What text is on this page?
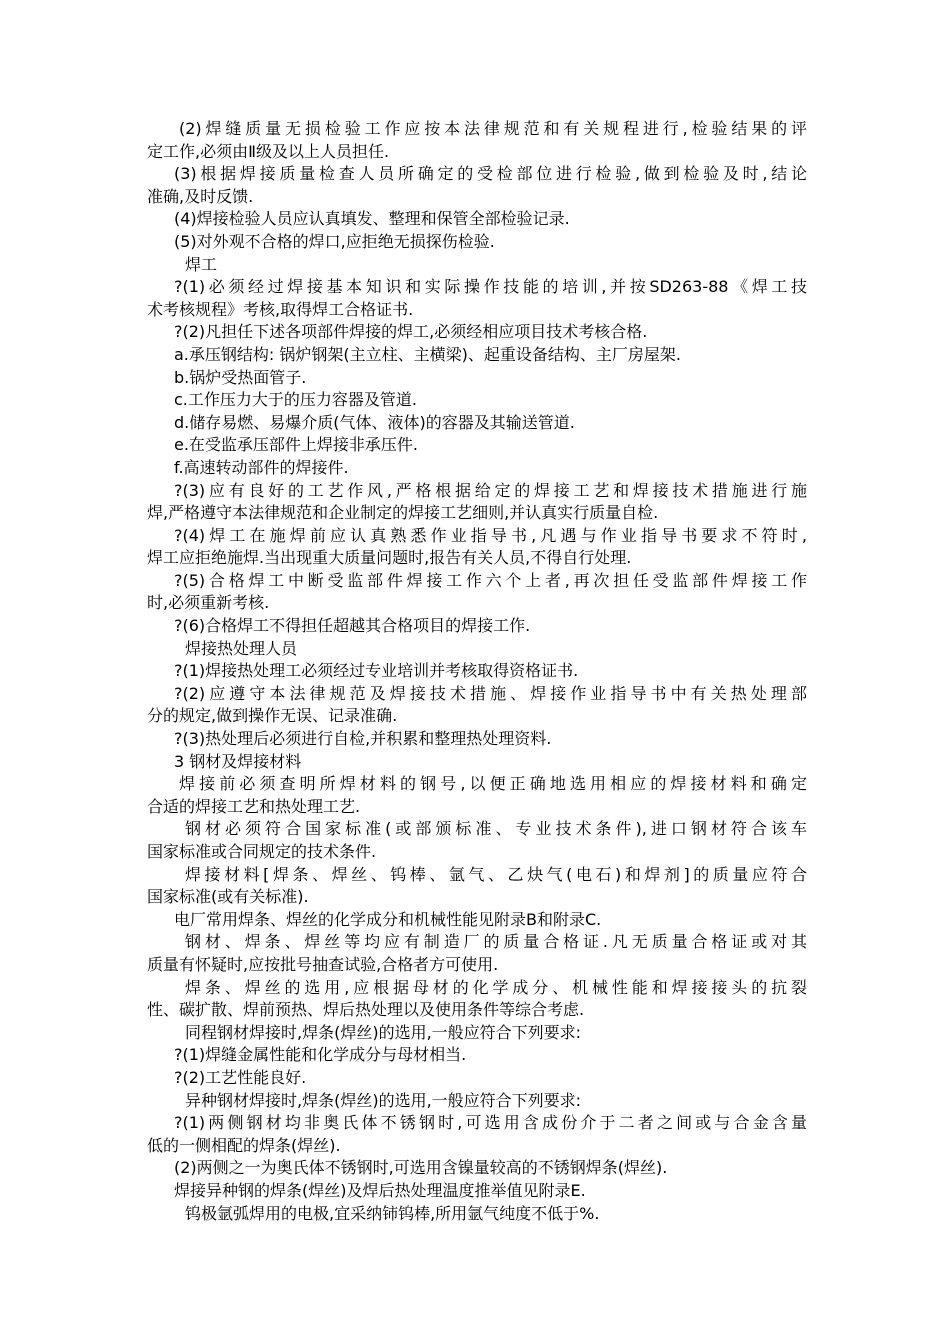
(2)焊缝质量无损检验工作应按本法律规范和有关规程进行,检验结果的评
定工作,必须由Ⅱ级及以上人员担任.
(3)根据焊接质量检查人员所确定的受检部位进行检验,做到检验及时,结论
准确,及时反馈.
(4)焊接检验人员应认真填发、整理和保管全部检验记录.
(5)对外观不合格的焊口,应拒绝无损探伤检验.
焊工
?(1)必须经过焊接基本知识和实际操作技能的培训,并按SD263-88《焊工技
术考核规程》考核,取得焊工合格证书.
?(2)凡担任下述各项部件焊接的焊工,必须经相应项目技术考核合格.
a.承压钢结构: 锅炉钢架(主立柱、主横梁)、起重设备结构、主厂房屋架.
b.锅炉受热面管子.
c.工作压力大于的压力容器及管道.
d.储存易燃、易爆介质(气体、液体)的容器及其输送管道.
e.在受监承压部件上焊接非承压件.
f.高速转动部件的焊接件.
?(3)应有良好的工艺作风,严格根据给定的焊接工艺和焊接技术措施进行施
焊,严格遵守本法律规范和企业制定的焊接工艺细则,并认真实行质量自检.
?(4)焊工在施焊前应认真熟悉作业指导书,凡遇与作业指导书要求不符时,
焊工应拒绝施焊.当出现重大质量问题时,报告有关人员,不得自行处理.
?(5)合格焊工中断受监部件焊接工作六个上者,再次担任受监部件焊接工作
时,必须重新考核.
?(6)合格焊工不得担任超越其合格项目的焊接工作.
焊接热处理人员
?(1)焊接热处理工必须经过专业培训并考核取得资格证书.
?(2)应遵守本法律规范及焊接技术措施、焊接作业指导书中有关热处理部
分的规定,做到操作无误、记录准确.
?(3)热处理后必须进行自检,并积累和整理热处理资料.
3 钢材及焊接材料
焊接前必须查明所焊材料的钢号,以便正确地选用相应的焊接材料和确定
合适的焊接工艺和热处理工艺.
钢材必须符合国家标准(或部颁标准、专业技术条件),进口钢材符合该车
国家标准或合同规定的技术条件.
焊接材料[焊条、焊丝、钨棒、氩气、乙炔气(电石)和焊剂]的质量应符合
国家标准(或有关标准).
电厂常用焊条、焊丝的化学成分和机械性能见附录B和附录C.
钢材、焊条、焊丝等均应有制造厂的质量合格证.凡无质量合格证或对其
质量有怀疑时,应按批号抽查试验,合格者方可使用.
焊条、焊丝的选用,应根据母材的化学成分、机械性能和焊接接头的抗裂
性、碳扩散、焊前预热、焊后热处理以及使用条件等综合考虑.
同程钢材焊接时,焊条(焊丝)的选用,一般应符合下列要求:
?(1)焊缝金属性能和化学成分与母材相当.
?(2)工艺性能良好.
异种钢材焊接时,焊条(焊丝)的选用,一般应符合下列要求:
?(1)两侧钢材均非奥氏体不锈钢时,可选用含成份介于二者之间或与合金含量
低的一侧相配的焊条(焊丝).
(2)两侧之一为奥氏体不锈钢时,可选用含镍量较高的不锈钢焊条(焊丝).
焊接异种钢的焊条(焊丝)及焊后热处理温度推举值见附录E.
钨极氩弧焊用的电极,宜采纳铈钨棒,所用氩气纯度不低于%.
